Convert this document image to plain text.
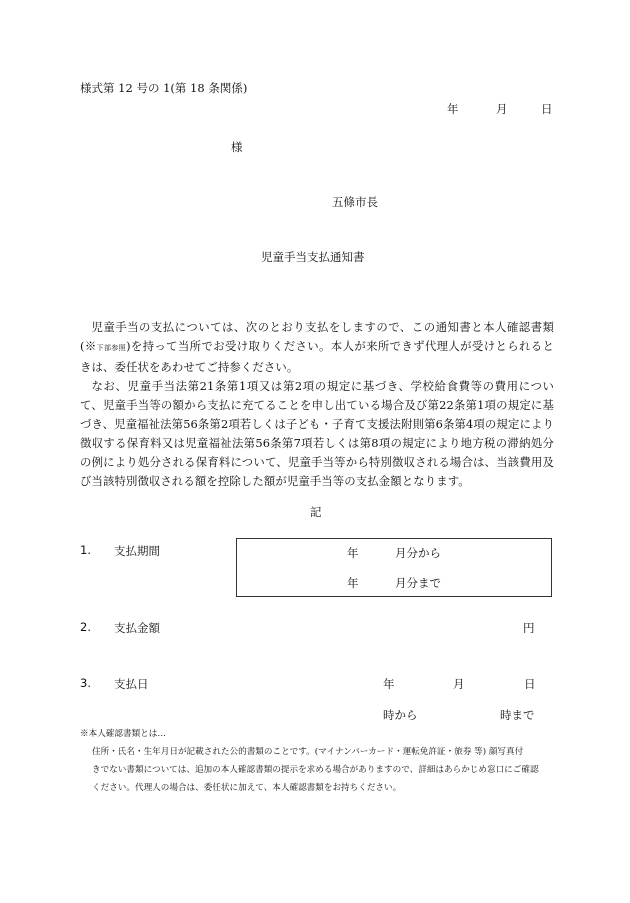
様式第 12 号の 1(第 18 条関係)
年	月	日
様
五條市長
児童手当支払通知書

児童手当の支払については、次のとおり支払をしますので、この通知書と本人確認書類(※下部参照)を持って当所でお受け取りください。本人が来所できず代理人が受けとられるときは、委任状をあわせてご持参ください。

なお、児童手当法第21条第1項又は第2項の規定に基づき、学校給食費等の費用について、児童手当等の額から支払に充てることを申し出ている場合及び第22条第1項の規定に基づき、児童福祉法第56条第2項若しくは子ども・子育て支援法附則第6条第4項の規定により徴収する保育料又は児童福祉法第56条第7項若しくは第8項の規定により地方税の滞納処分の例により処分される保育料について、児童手当等から特別徴収される場合は、当該費用及び当該特別徴収される額を控除した額が児童手当等の支払金額となります。

記
1. 支払期間	年	月分から
年	月分まで
2. 支払金額	円
3. 支払日	年	月	日
時から	時まで
※本人確認書類とは…

住所・氏名・生年月日が記載された公的書類のことです。(マイナンバーカード・運転免許証・旅券 等) 顔写真付

きでない書類については、追加の本人確認書類の提示を求める場合がありますので、詳細はあらかじめ窓口にご確認

ください。代理人の場合は、委任状に加えて、本人確認書類をお持ちください。
